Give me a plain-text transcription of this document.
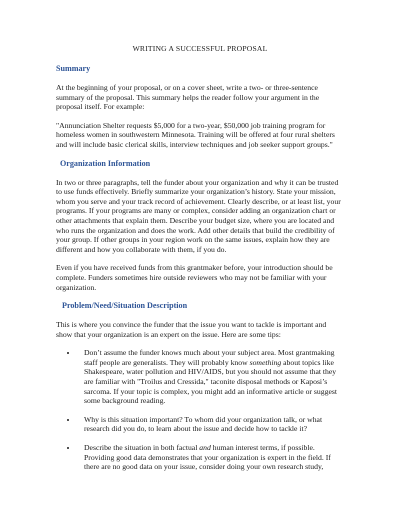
WRITING A SUCCESSFUL PROPOSAL
Summary

At the beginning of your proposal, or on a cover sheet, write a two- or three-sentence summary of the proposal. This summary helps the reader follow your argument in the proposal itself. For example:

"Annunciation Shelter requests $5,000 for a two-year, $50,000 job training program for homeless women in southwestern Minnesota. Training will be offered at four rural shelters and will include basic clerical skills, interview techniques and job seeker support groups."

Organization Information

In two or three paragraphs, tell the funder about your organization and why it can be trusted to use funds effectively. Briefly summarize your organization’s history. State your mission, whom you serve and your track record of achievement. Clearly describe, or at least list, your programs. If your programs are many or complex, consider adding an organization chart or other attachments that explain them. Describe your budget size, where you are located and who runs the organization and does the work. Add other details that build the credibility of your group. If other groups in your region work on the same issues, explain how they are different and how you collaborate with them, if you do.

Even if you have received funds from this grantmaker before, your introduction should be complete. Funders sometimes hire outside reviewers who may not be familiar with your organization.

Problem/Need/Situation Description

This is where you convince the funder that the issue you want to tackle is important and show that your organization is an expert on the issue. Here are some tips:

• Don’t assume the funder knows much about your subject area. Most grantmaking staff people are generalists. They will probably know something about topics like Shakespeare, water pollution and HIV/AIDS, but you should not assume that they are familiar with "Troilus and Cressida," taconite disposal methods or Kaposi’s sarcoma. If your topic is complex, you might add an informative article or suggest some background reading.
• Why is this situation important? To whom did your organization talk, or what research did you do, to learn about the issue and decide how to tackle it?
• Describe the situation in both factual and human interest terms, if possible. Providing good data demonstrates that your organization is expert in the field. If there are no good data on your issue, consider doing your own research study,
